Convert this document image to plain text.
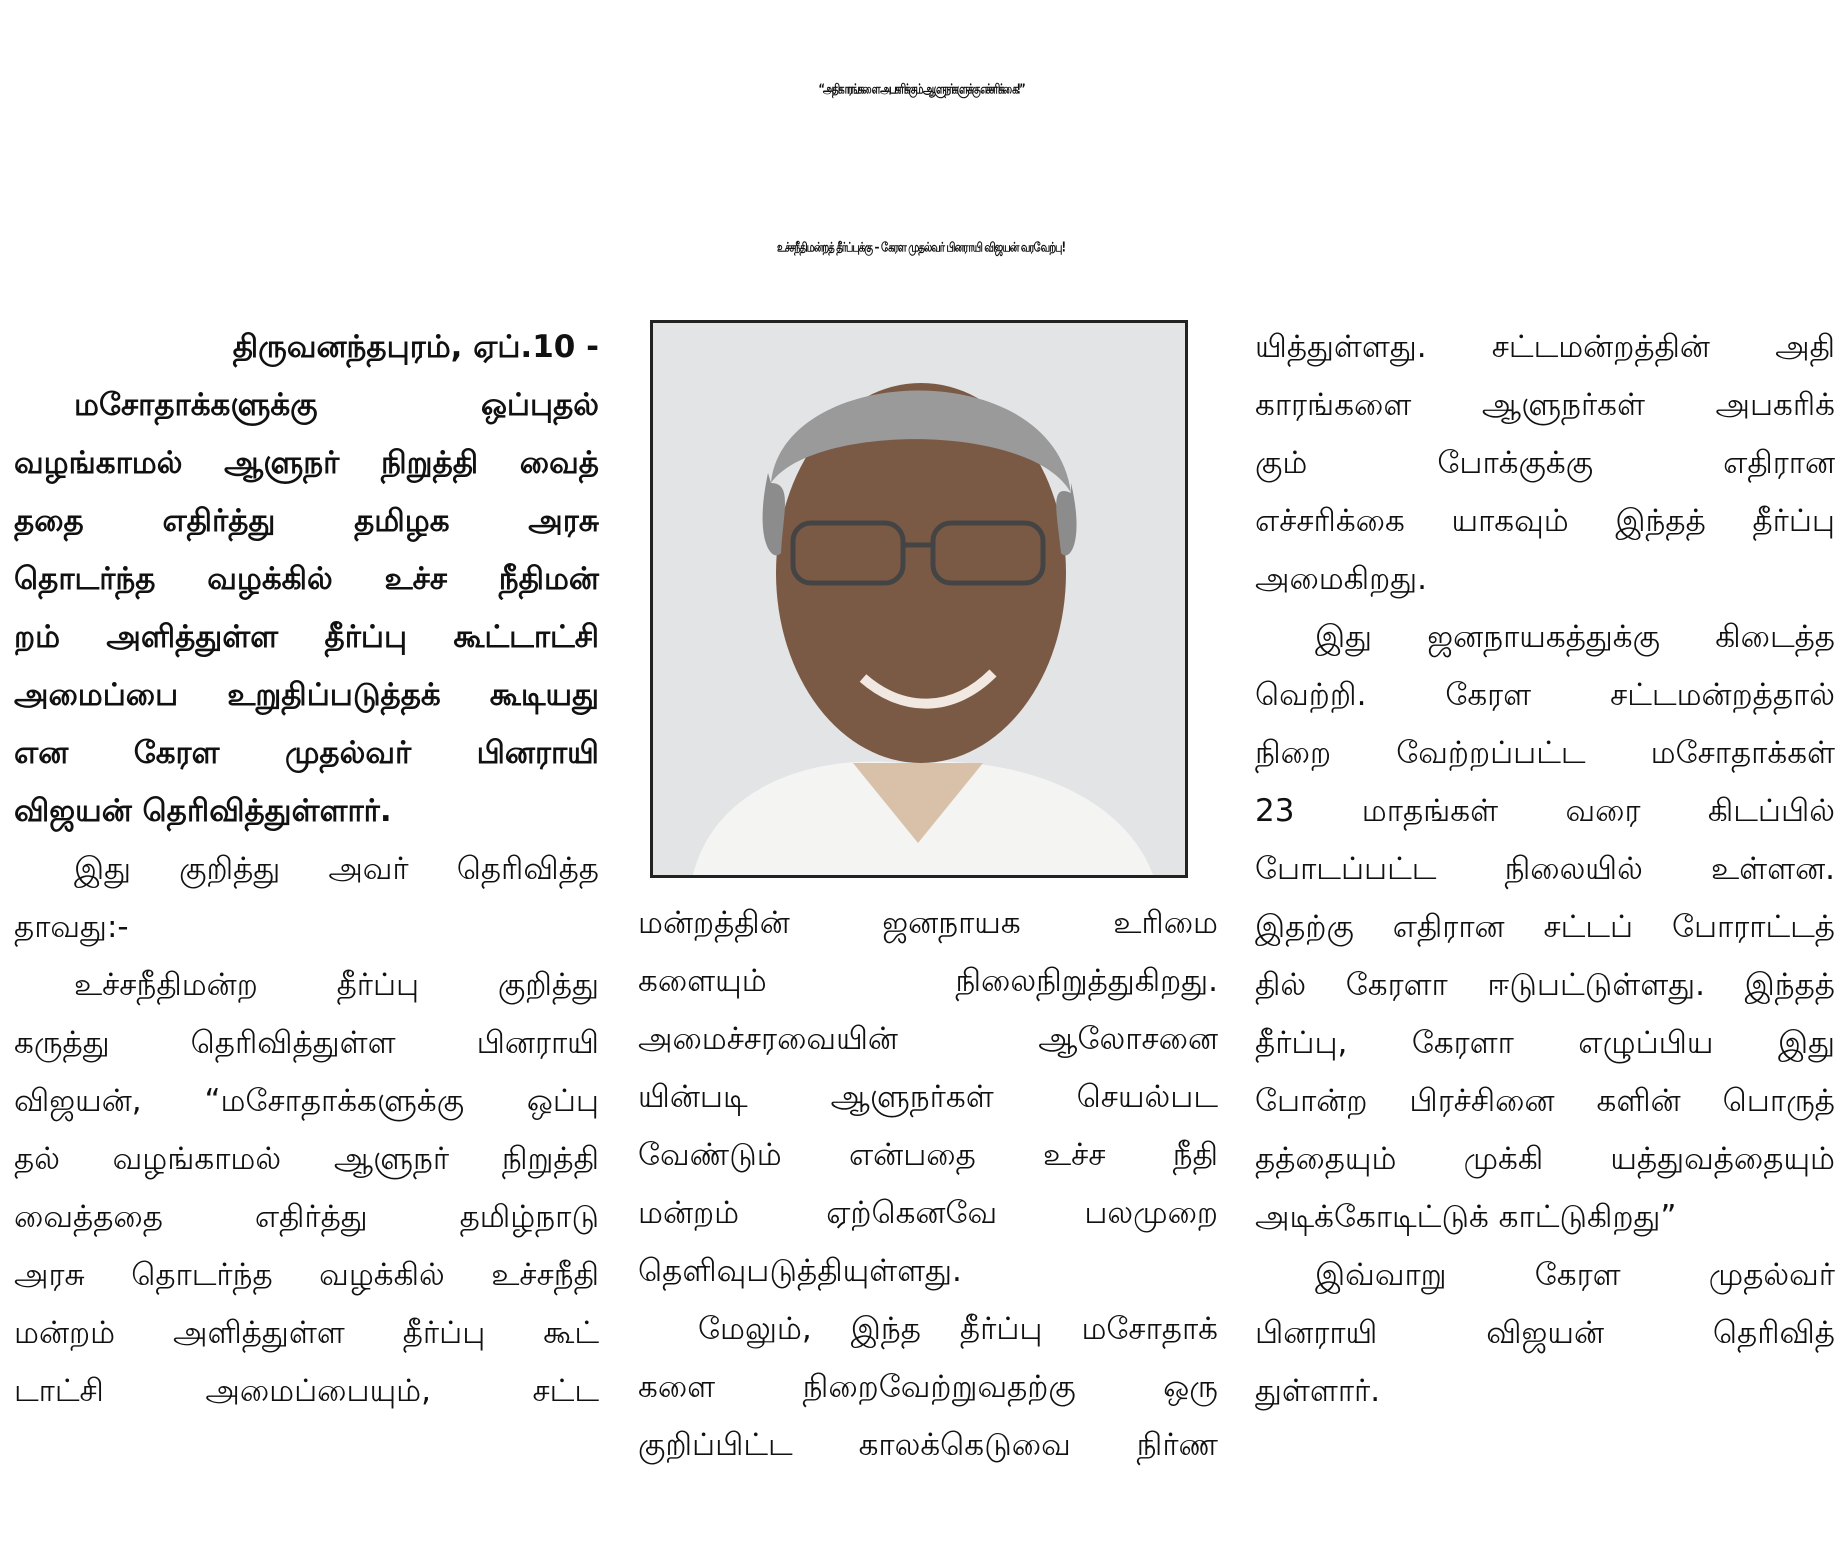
“அதிகாரங்களை அபகரிக்கும் ஆளுநர்களுக்கு எச்சரிக்கை!”
உச்சநீதிமன்றத் தீர்ப்புக்கு – கேரள முதல்வர் பினராயி விஜயன் வரவேற்பு!
திருவனந்தபுரம், ஏப்.10 -
மசோதாக்களுக்கு ஒப்புதல்
வழங்காமல் ஆளுநர் நிறுத்தி வைத்
ததை எதிர்த்து தமிழக அரசு
தொடர்ந்த வழக்கில் உச்ச நீதிமன்
றம் அளித்துள்ள தீர்ப்பு கூட்டாட்சி
அமைப்பை உறுதிப்படுத்தக் கூடியது
என கேரள முதல்வர் பினராயி
விஜயன் தெரிவித்துள்ளார்.
இது குறித்து அவர் தெரிவித்த
தாவது:-
உச்சநீதிமன்ற தீர்ப்பு குறித்து
கருத்து தெரிவித்துள்ள பினராயி
விஜயன், “மசோதாக்களுக்கு ஒப்பு
தல் வழங்காமல் ஆளுநர் நிறுத்தி
வைத்ததை எதிர்த்து தமிழ்நாடு
அரசு தொடர்ந்த வழக்கில் உச்சநீதி
மன்றம் அளித்துள்ள தீர்ப்பு கூட்
டாட்சி அமைப்பையும், சட்ட
மன்றத்தின் ஜனநாயக உரிமை
களையும் நிலைநிறுத்துகிறது.
அமைச்சரவையின் ஆலோசனை
யின்படி ஆளுநர்கள் செயல்பட
வேண்டும் என்பதை உச்ச நீதி
மன்றம் ஏற்கெனவே பலமுறை
தெளிவுபடுத்தியுள்ளது.
மேலும், இந்த தீர்ப்பு மசோதாக்
களை நிறைவேற்றுவதற்கு ஒரு
குறிப்பிட்ட காலக்கெடுவை நிர்ண
யித்துள்ளது. சட்டமன்றத்தின் அதி
காரங்களை ஆளுநர்கள் அபகரிக்
கும் போக்குக்கு எதிரான
எச்சரிக்கை யாகவும் இந்தத் தீர்ப்பு
அமைகிறது.
இது ஜனநாயகத்துக்கு கிடைத்த
வெற்றி. கேரள சட்டமன்றத்தால்
நிறை வேற்றப்பட்ட மசோதாக்கள்
23 மாதங்கள் வரை கிடப்பில்
போடப்பட்ட நிலையில் உள்ளன.
இதற்கு எதிரான சட்டப் போராட்டத்
தில் கேரளா ஈடுபட்டுள்ளது. இந்தத்
தீர்ப்பு, கேரளா எழுப்பிய இது
போன்ற பிரச்சினை களின் பொருத்
தத்தையும் முக்கி யத்துவத்தையும்
அடிக்கோடிட்டுக் காட்டுகிறது”
இவ்வாறு கேரள முதல்வர்
பினராயி விஜயன் தெரிவித்
துள்ளார்.
